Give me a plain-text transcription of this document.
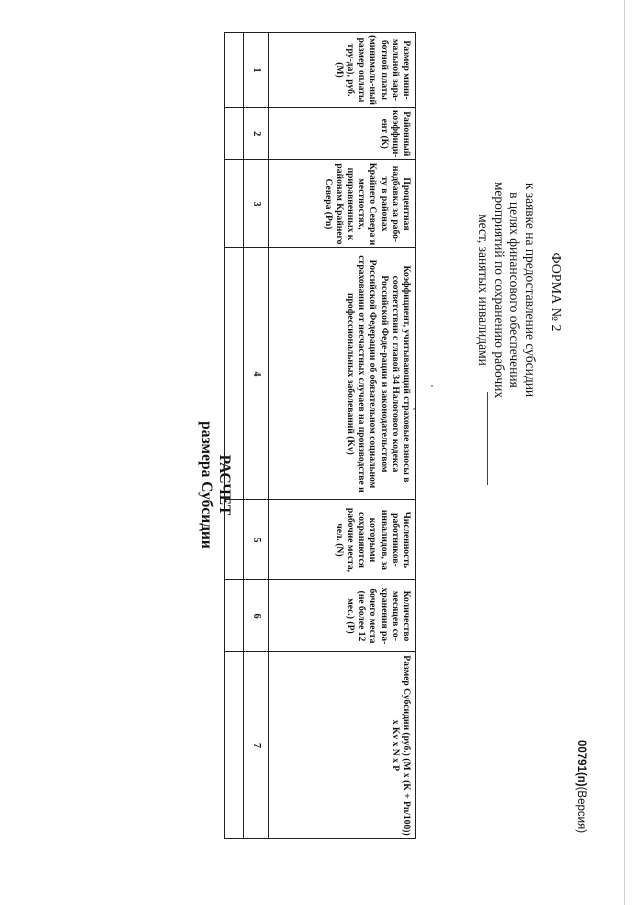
ФОРМА № 2
к заявке на предоставление субсидии
в целях финансового обеспечения
мероприятий по сохранению рабочих
мест, занятых инвалидами
РАСЧЕТ
размера Субсидии
Размер мини-мальной зара-ботной платы (минималь-ный размер оплаты тру-да), руб. (М)	Районный коэффици-ент (К)	Процентная надбавка за рабо-ту в районах Крайнего Севера и местностях, приравненных к районам Крайнего Севера (Pn)	Коэффициент, учитывающий страховые взносы в соответствии с главой 34 Налогового кодекса Российской Феде-рации и законодательством Российской Федерации об обязательном социальном страховании от несчастных случаев на производстве и профессиональных заболеваний (Kv)	Численность работников-инвалидов, за которыми сохраняются рабочие места, чел. (N)	Количество месяцев со-хранения ра-бочего места (не более 12 мес.) (P)	Размер Субсидии (руб.) (M x (K + Pn/100)) x Kv x N x P
1	2	3	4	5	6	7
							00791(п)(Версия)
